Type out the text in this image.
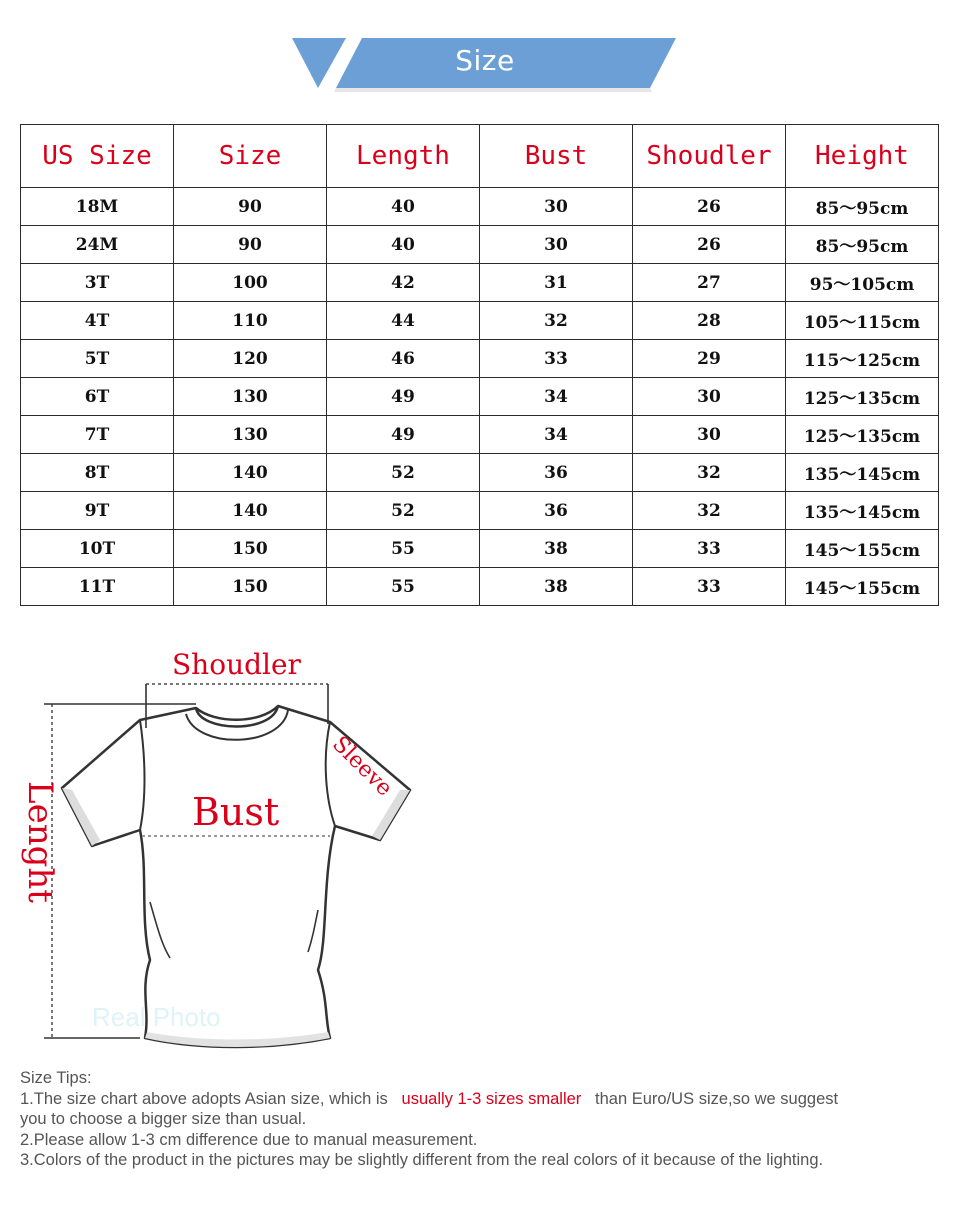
Size
US Size	Size	Length	Bust	Shoudler	Height
18M	90	40	30	26	85～95cm
24M	90	40	30	26	85～95cm
3T	100	42	31	27	95～105cm
4T	110	44	32	28	105～115cm
5T	120	46	33	29	115～125cm
6T	130	49	34	30	125～135cm
7T	130	49	34	30	125～135cm
8T	140	52	36	32	135～145cm
9T	140	52	36	32	135～145cm
10T	150	55	38	33	145～155cm
11T	150	55	38	33	145～155cm
Shoudler
Sleeve
Bust
Lenght
Real Photo

Size Tips:

1.The size chart above adopts Asian size, which is usually 1-3 sizes smaller than Euro/US size,so we suggest

you to choose a bigger size than usual.

2.Please allow 1-3 cm difference due to manual measurement.

3.Colors of the product in the pictures may be slightly different from the real colors of it because of the lighting.
